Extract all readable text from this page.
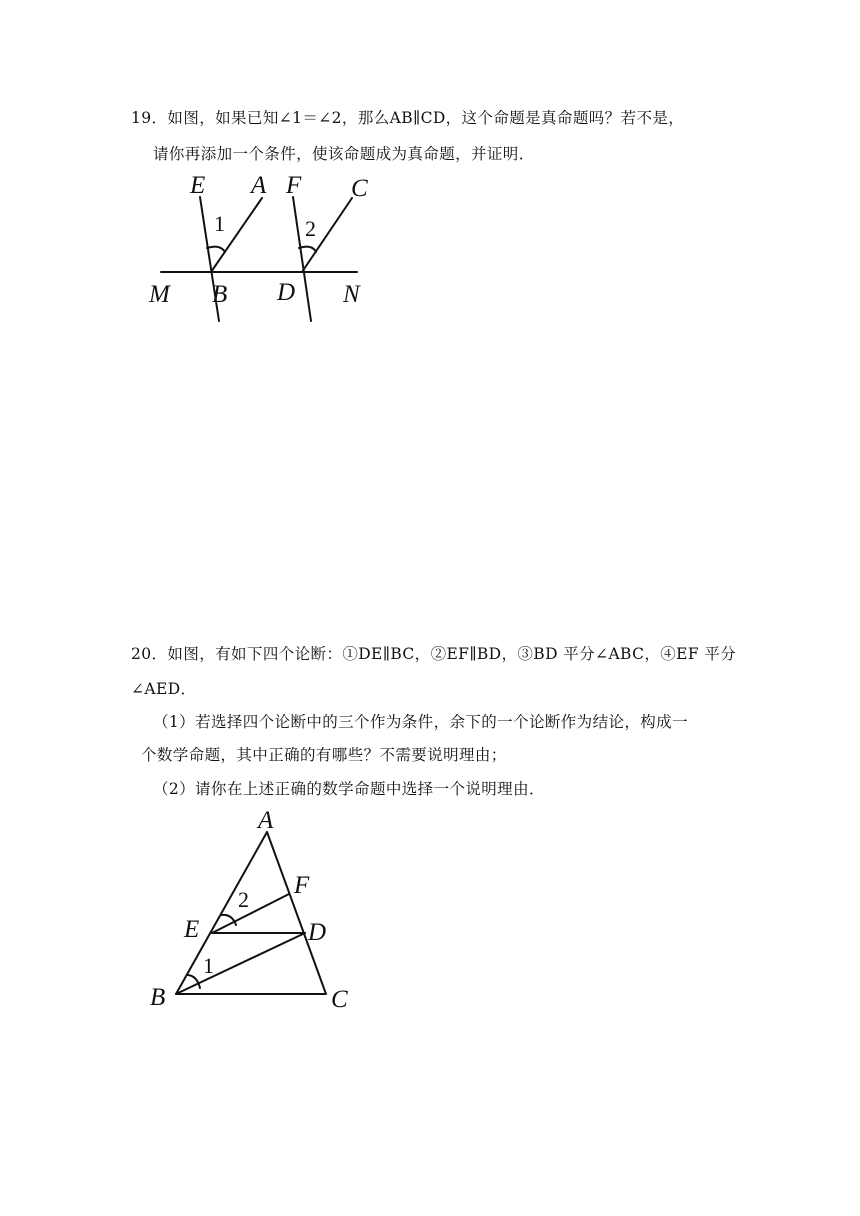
19．如图，如果已知∠1＝∠2，那么AB∥CD，这个命题是真命题吗？若不是，
请你再添加一个条件，使该命题成为真命题，并证明．
E A F C
M B D N
1	2
20．如图，有如下四个论断：①DE∥BC，②EF∥BD，③BD 平分∠ABC，④EF 平分
∠AED．
（1）若选择四个论断中的三个作为条件，余下的一个论断作为结论，构成一
个数学命题，其中正确的有哪些？不需要说明理由；
（2）请你在上述正确的数学命题中选择一个说明理由．
A
F
E	D
B	C
2
1
